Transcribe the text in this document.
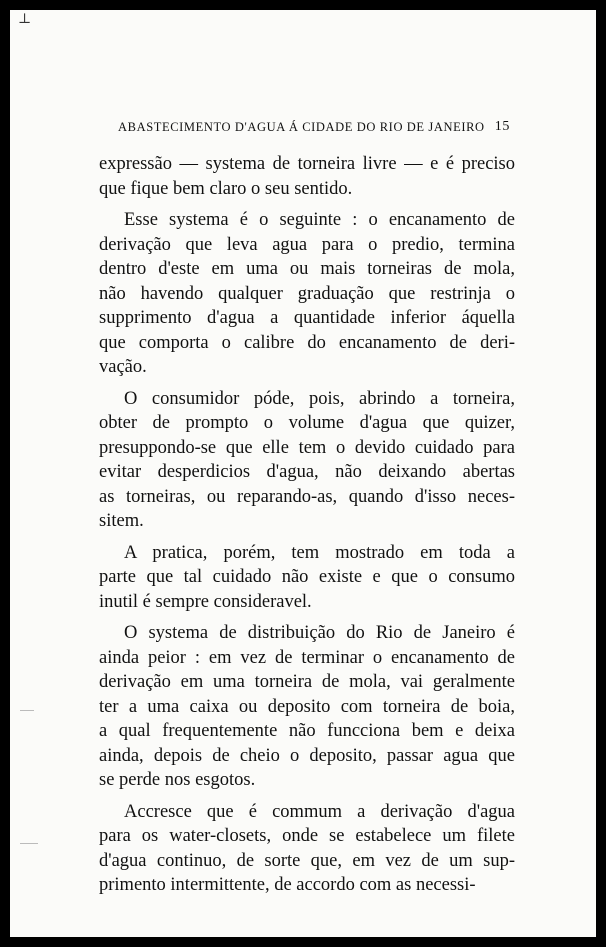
⊥
ABASTECIMENTO D'AGUA Á CIDADE DO RIO DE JANEIRO 15

expressão — systema de torneira livre — e é preciso
que fique bem claro o seu sentido.

Esse systema é o seguinte : o encanamento de
derivação que leva agua para o predio, termina
dentro d'este em uma ou mais torneiras de mola,
não havendo qualquer graduação que restrinja o
supprimento d'agua a quantidade inferior áquella
que comporta o calibre do encanamento de deri-
vação.

O consumidor póde, pois, abrindo a torneira,
obter de prompto o volume d'agua que quizer,
presuppondo-se que elle tem o devido cuidado para
evitar desperdicios d'agua, não deixando abertas
as torneiras, ou reparando-as, quando d'isso neces-
sitem.

A pratica, porém, tem mostrado em toda a
parte que tal cuidado não existe e que o consumo
inutil é sempre consideravel.

O systema de distribuição do Rio de Janeiro é
ainda peior : em vez de terminar o encanamento de
derivação em uma torneira de mola, vai geralmente
ter a uma caixa ou deposito com torneira de boia,
a qual frequentemente não funcciona bem e deixa
ainda, depois de cheio o deposito, passar agua que
se perde nos esgotos.

Accresce que é commum a derivação d'agua
para os water-closets, onde se estabelece um filete
d'agua continuo, de sorte que, em vez de um sup-
primento intermittente, de accordo com as necessi-
